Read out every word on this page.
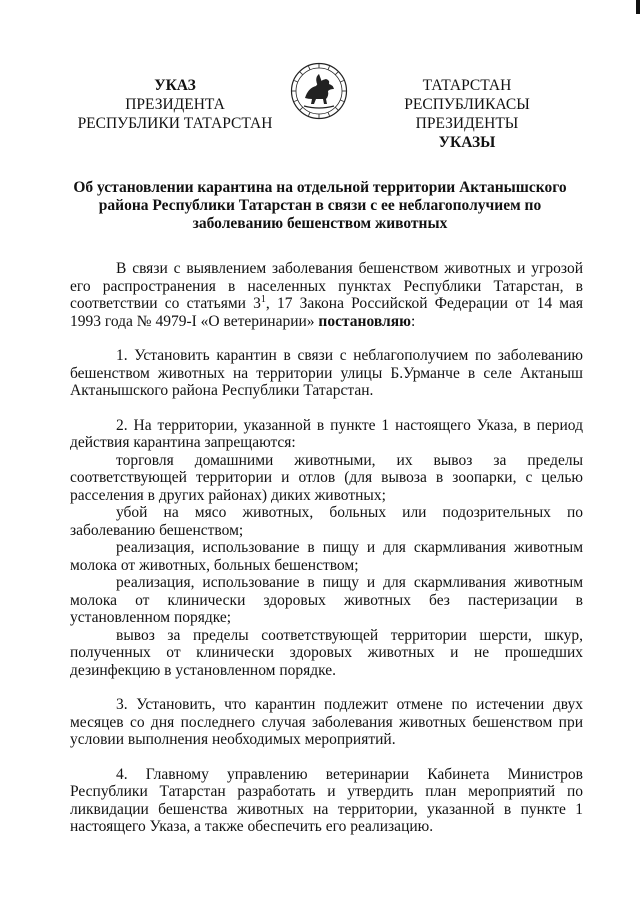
УКАЗ
ПРЕЗИДЕНТА
РЕСПУБЛИКИ ТАТАРСТАН
ТАТАРСТАН РЕСПУБЛИКАСЫ
ПРЕЗИДЕНТЫ
УКАЗЫ
Об установлении карантина на отдельной территории Актанышского района Республики Татарстан в связи с ее неблагополучием по заболеванию бешенством животных

В связи с выявлением заболевания бешенством животных и угрозой его распространения в населенных пунктах Республики Татарстан, в соответствии со статьями $3^1$, 17 Закона Российской Федерации от 14 мая 1993 года № 4979-I «О ветеринарии» постановляю:

1. Установить карантин в связи с неблагополучием по заболеванию бешенством животных на территории улицы Б.Урманче в селе Актаныш Актанышского района Республики Татарстан.

2. На территории, указанной в пункте 1 настоящего Указа, в период действия карантина запрещаются:

торговля домашними животными, их вывоз за пределы соответствующей территории и отлов (для вывоза в зоопарки, с целью расселения в других районах) диких животных;

убой на мясо животных, больных или подозрительных по заболеванию бешенством;

реализация, использование в пищу и для скармливания животным молока от животных, больных бешенством;

реализация, использование в пищу и для скармливания животным молока от клинически здоровых животных без пастеризации в установленном порядке;

вывоз за пределы соответствующей территории шерсти, шкур, полученных от клинически здоровых животных и не прошедших дезинфекцию в установленном порядке.

3. Установить, что карантин подлежит отмене по истечении двух месяцев со дня последнего случая заболевания животных бешенством при условии выполнения необходимых мероприятий.

4. Главному управлению ветеринарии Кабинета Министров Республики Татарстан разработать и утвердить план мероприятий по ликвидации бешенства животных на территории, указанной в пункте 1 настоящего Указа, а также обеспечить его реализацию.
